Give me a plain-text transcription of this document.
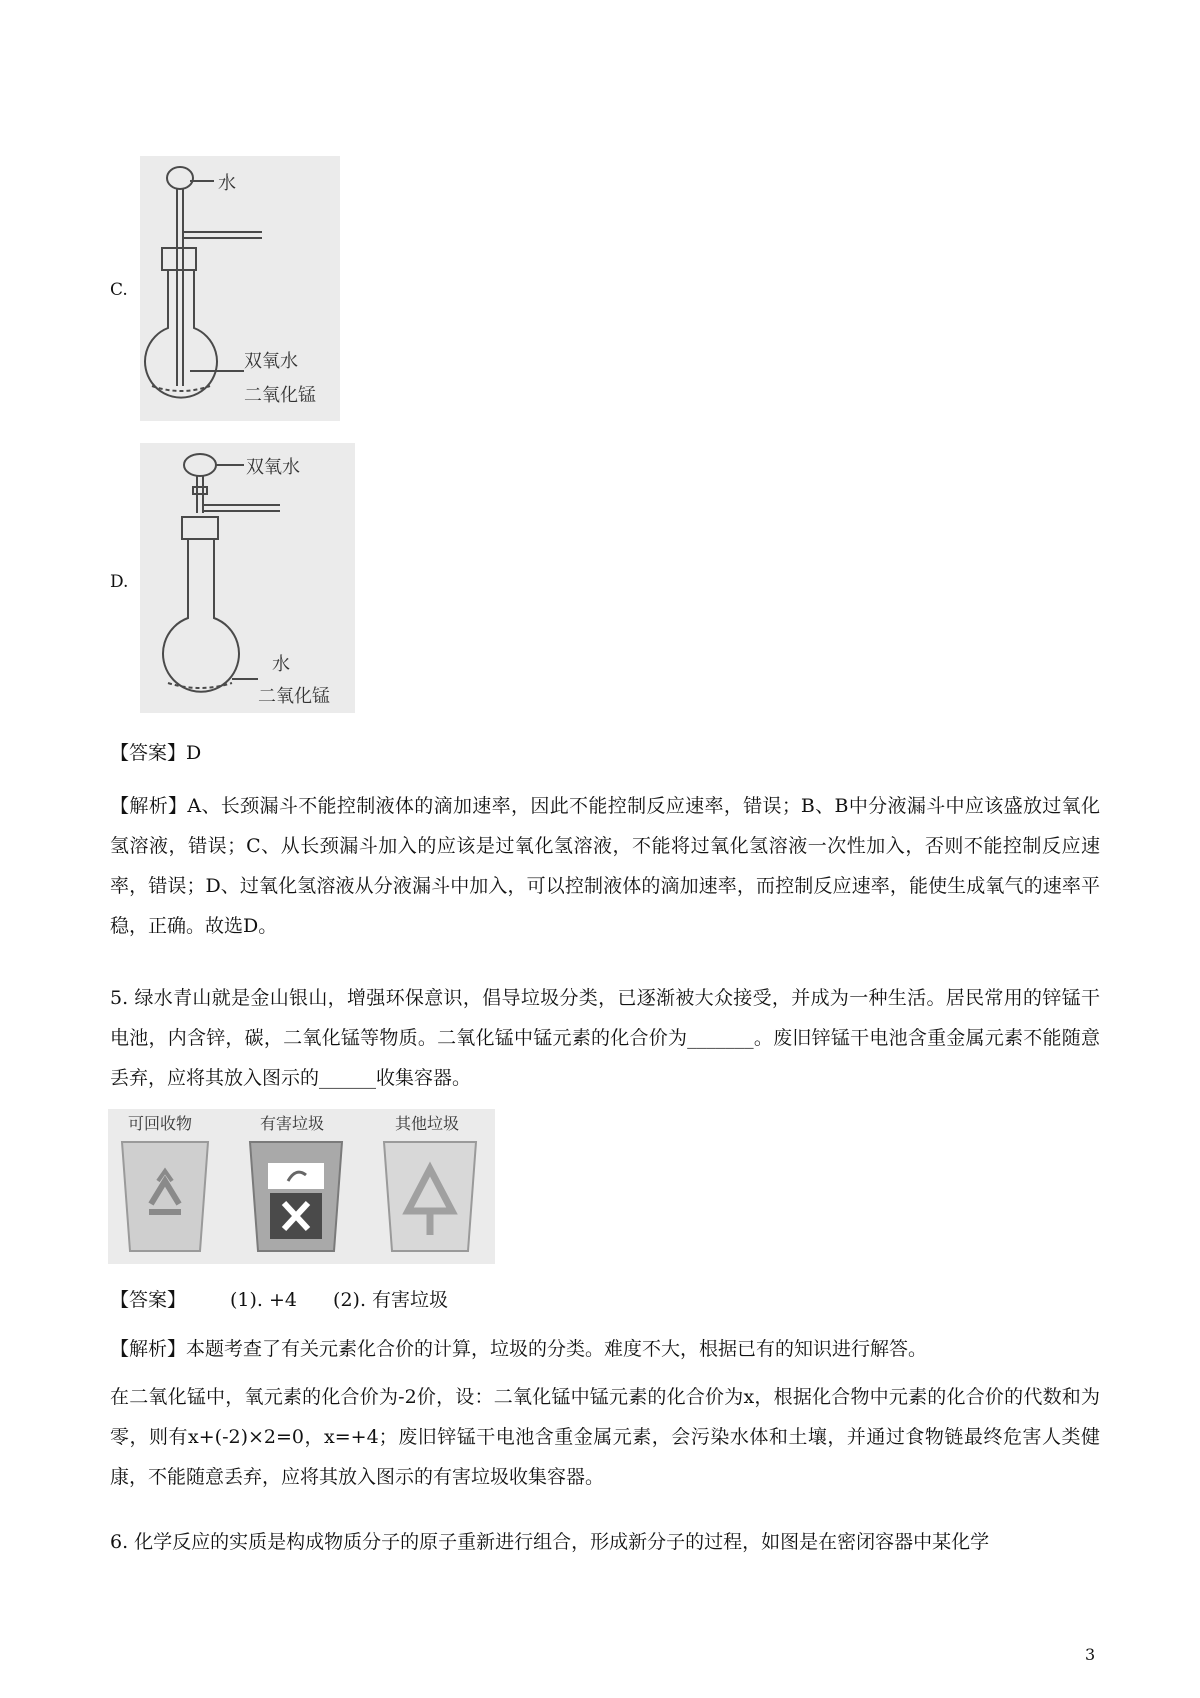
C.
水
双氧水
二氧化锰
D.
双氧水
水
二氧化锰
【答案】D
【解析】A、长颈漏斗不能控制液体的滴加速率，因此不能控制反应速率，错误；B、B中分液漏斗中应该盛放过氧化氢溶液，错误；C、从长颈漏斗加入的应该是过氧化氢溶液，不能将过氧化氢溶液一次性加入，否则不能控制反应速率，错误；D、过氧化氢溶液从分液漏斗中加入，可以控制液体的滴加速率，而控制反应速率，能使生成氧气的速率平稳，正确。故选D。
5. 绿水青山就是金山银山，增强环保意识，倡导垃圾分类，已逐渐被大众接受，并成为一种生活。居民常用的锌锰干电池，内含锌，碳，二氧化锰等物质。二氧化锰中锰元素的化合价为_______。废旧锌锰干电池含重金属元素不能随意丢弃，应将其放入图示的______收集容器。
可回收物	有害垃圾	其他垃圾
【答案】 (1). +4 (2). 有害垃圾
【解析】本题考查了有关元素化合价的计算，垃圾的分类。难度不大，根据已有的知识进行解答。
在二氧化锰中，氧元素的化合价为-2价，设：二氧化锰中锰元素的化合价为x，根据化合物中元素的化合价的代数和为零，则有x+(-2)×2=0，x=+4；废旧锌锰干电池含重金属元素，会污染水体和土壤，并通过食物链最终危害人类健康，不能随意丢弃，应将其放入图示的有害垃圾收集容器。
6. 化学反应的实质是构成物质分子的原子重新进行组合，形成新分子的过程，如图是在密闭容器中某化学
3
